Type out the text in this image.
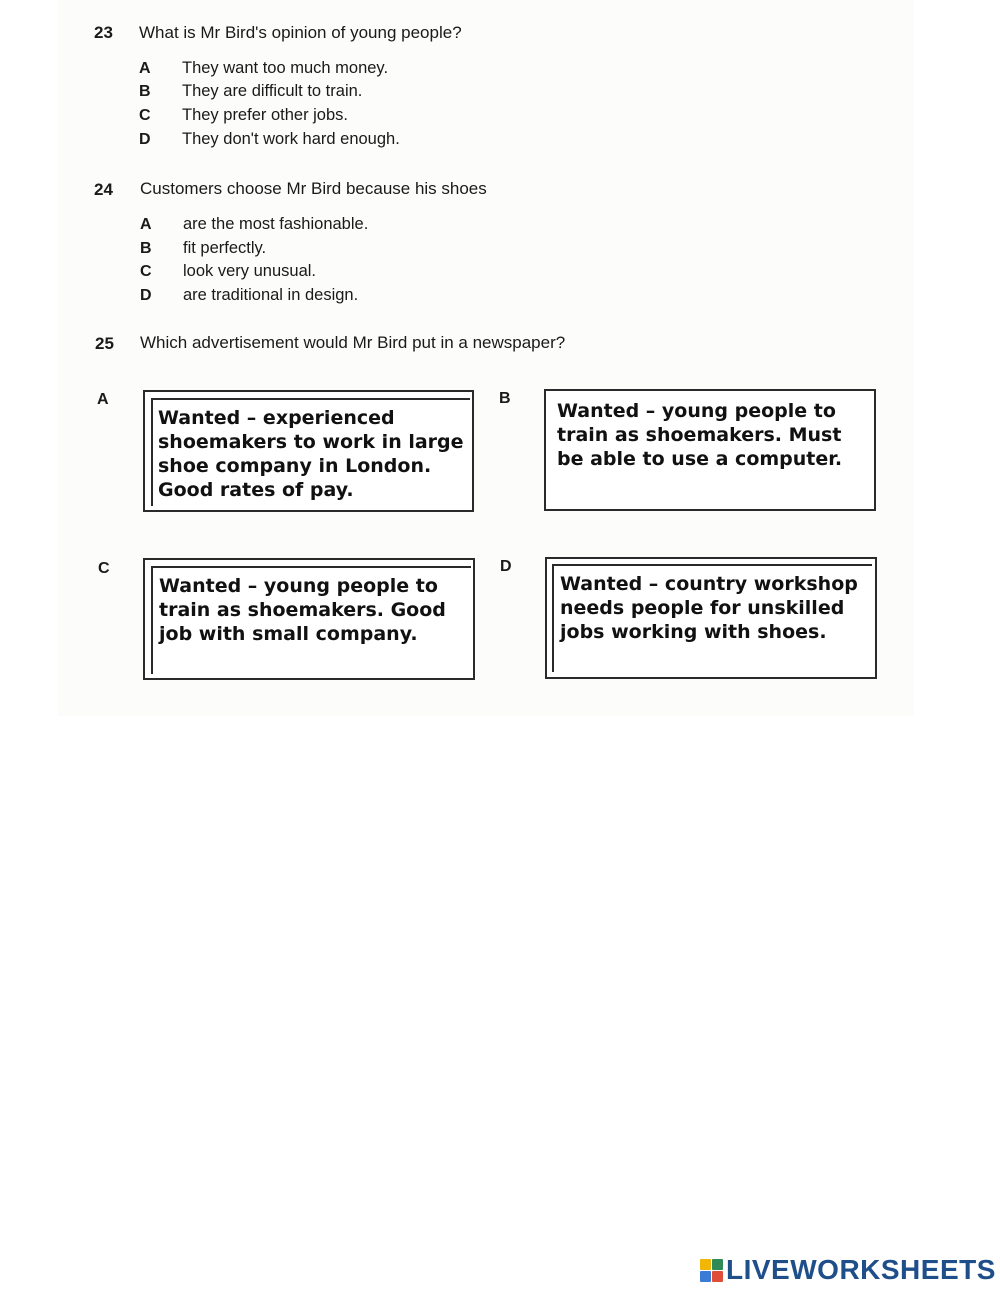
23 What is Mr Bird's opinion of young people?
A They want too much money.
B They are difficult to train.
C They prefer other jobs.
D They don't work hard enough.
24 Customers choose Mr Bird because his shoes
A are the most fashionable.
B fit perfectly.
C look very unusual.
D are traditional in design.
25 Which advertisement would Mr Bird put in a newspaper?
A
Wanted – experienced
shoemakers to work in large
shoe company in London.
Good rates of pay.
B
Wanted – young people to
train as shoemakers. Must
be able to use a computer.
C
Wanted – young people to
train as shoemakers. Good
job with small company.
D
Wanted – country workshop
needs people for unskilled
jobs working with shoes.
LIVEWORKSHEETS
